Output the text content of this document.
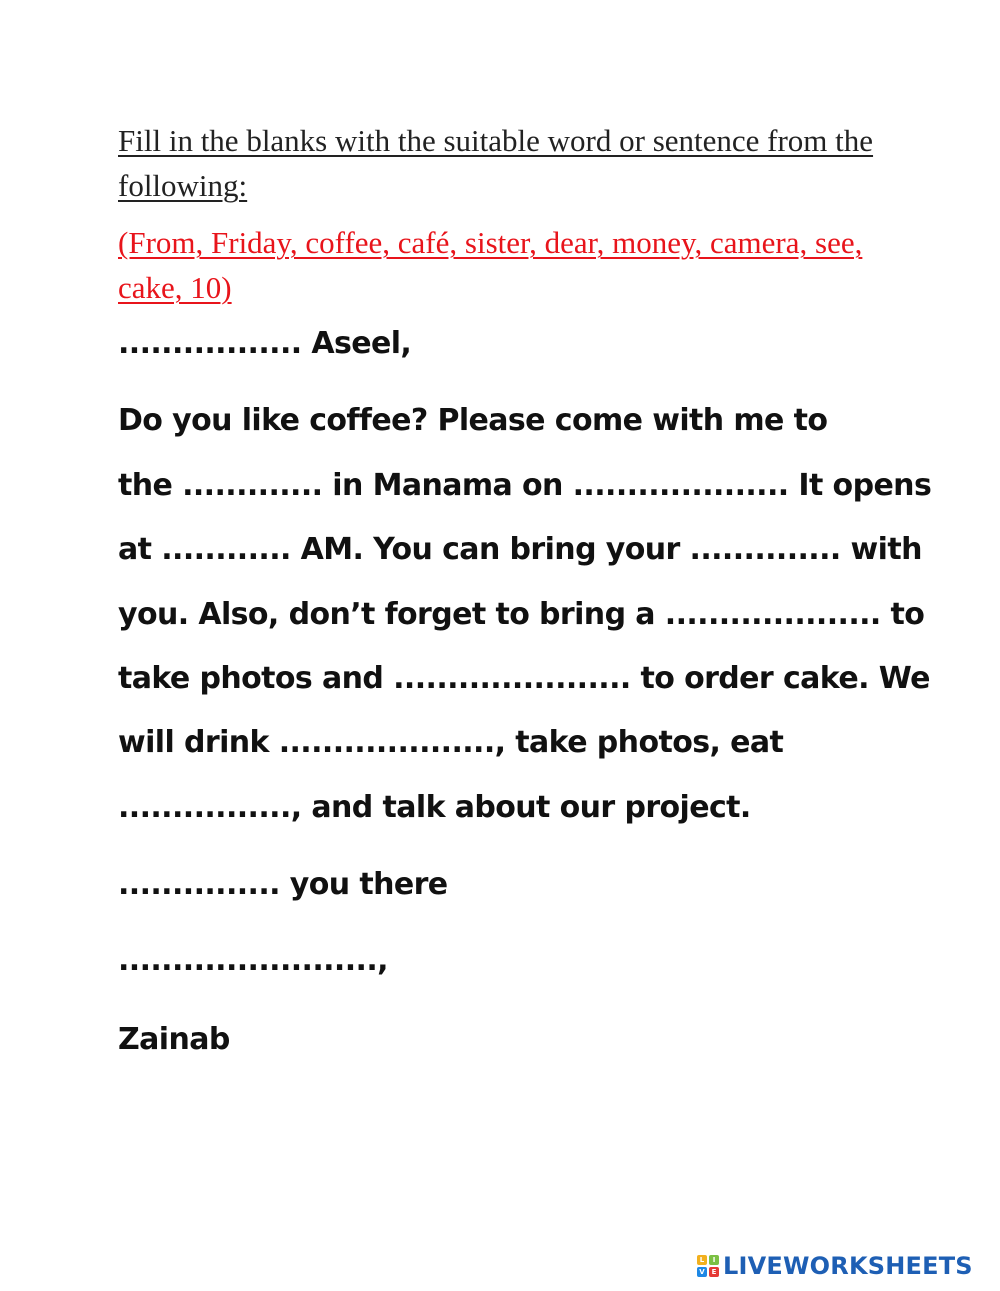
Fill in the blanks with the suitable word or sentence from the following:

(From, Friday, coffee, café, sister, dear, money, camera, see, cake, 10)

................. Aseel,

Do you like coffee? Please come with me to

the ............. in Manama on .................... It opens

at ............ AM. You can bring your .............. with

you. Also, don’t forget to bring a .................... to

take photos and ...................... to order cake. We

will drink ...................., take photos, eat

................, and talk about our project.

............... you there

........................,

Zainab

L	I
V E LIVEWORKSHEETS
